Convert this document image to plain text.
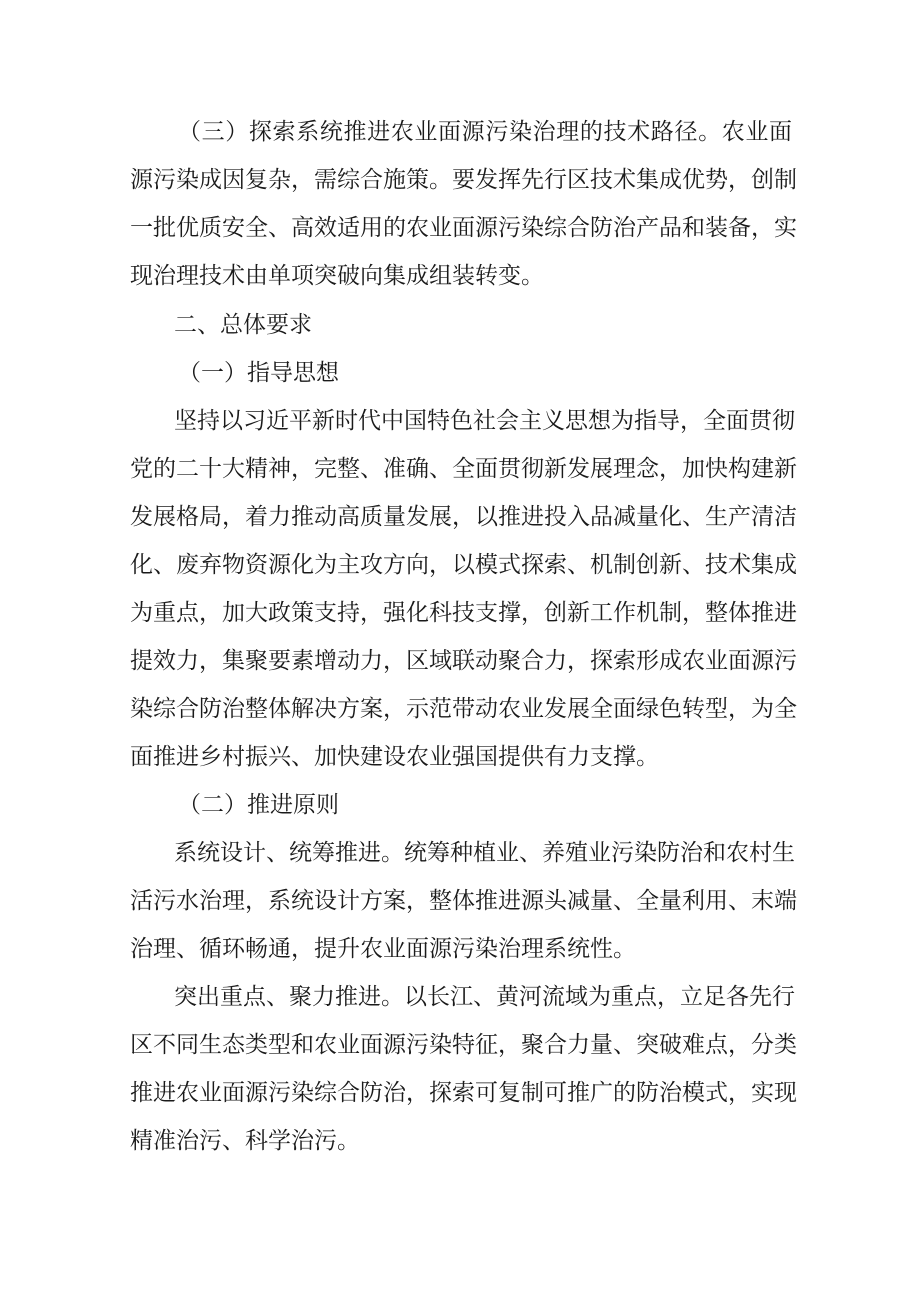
（三）探索系统推进农业面源污染治理的技术路径。农业面
源污染成因复杂，需综合施策。要发挥先行区技术集成优势，创制
一批优质安全、高效适用的农业面源污染综合防治产品和装备，实
现治理技术由单项突破向集成组装转变。
二、总体要求
（一）指导思想
坚持以习近平新时代中国特色社会主义思想为指导，全面贯彻
党的二十大精神，完整、准确、全面贯彻新发展理念，加快构建新
发展格局，着力推动高质量发展，以推进投入品减量化、生产清洁
化、废弃物资源化为主攻方向，以模式探索、机制创新、技术集成
为重点，加大政策支持，强化科技支撑，创新工作机制，整体推进
提效力，集聚要素增动力，区域联动聚合力，探索形成农业面源污
染综合防治整体解决方案，示范带动农业发展全面绿色转型，为全
面推进乡村振兴、加快建设农业强国提供有力支撑。
（二）推进原则
系统设计、统筹推进。统筹种植业、养殖业污染防治和农村生
活污水治理，系统设计方案，整体推进源头减量、全量利用、末端
治理、循环畅通，提升农业面源污染治理系统性。
突出重点、聚力推进。以长江、黄河流域为重点，立足各先行
区不同生态类型和农业面源污染特征，聚合力量、突破难点，分类
推进农业面源污染综合防治，探索可复制可推广的防治模式，实现
精准治污、科学治污。
